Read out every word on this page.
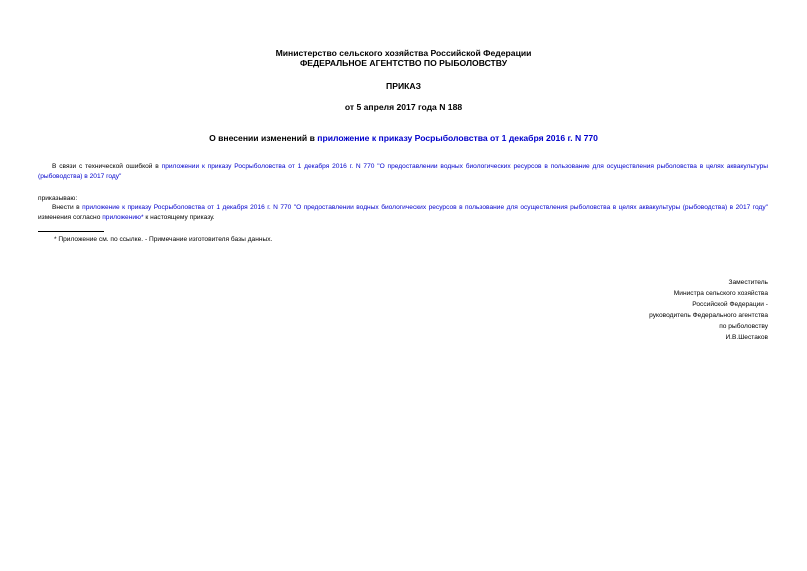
Министерство сельского хозяйства Российской Федерации
ФЕДЕРАЛЬНОЕ АГЕНТСТВО ПО РЫБОЛОВСТВУ
ПРИКАЗ
от 5 апреля 2017 года N 188
О внесении изменений в приложение к приказу Росрыболовства от 1 декабря 2016 г. N 770
В связи с технической ошибкой в приложении к приказу Росрыболовства от 1 декабря 2016 г. N 770 "О предоставлении водных биологических ресурсов в пользование для осуществления рыболовства в целях аквакультуры (рыбоводства) в 2017 году"
приказываю:
Внести в приложение к приказу Росрыболовства от 1 декабря 2016 г. N 770 "О предоставлении водных биологических ресурсов в пользование для осуществления рыболовства в целях аквакультуры (рыбоводства) в 2017 году" изменения согласно приложению* к настоящему приказу.
* Приложение см. по ссылке. - Примечание изготовителя базы данных.
Заместитель
Министра сельского хозяйства
Российской Федерации -
руководитель Федерального агентства
по рыболовству
И.В.Шестаков
